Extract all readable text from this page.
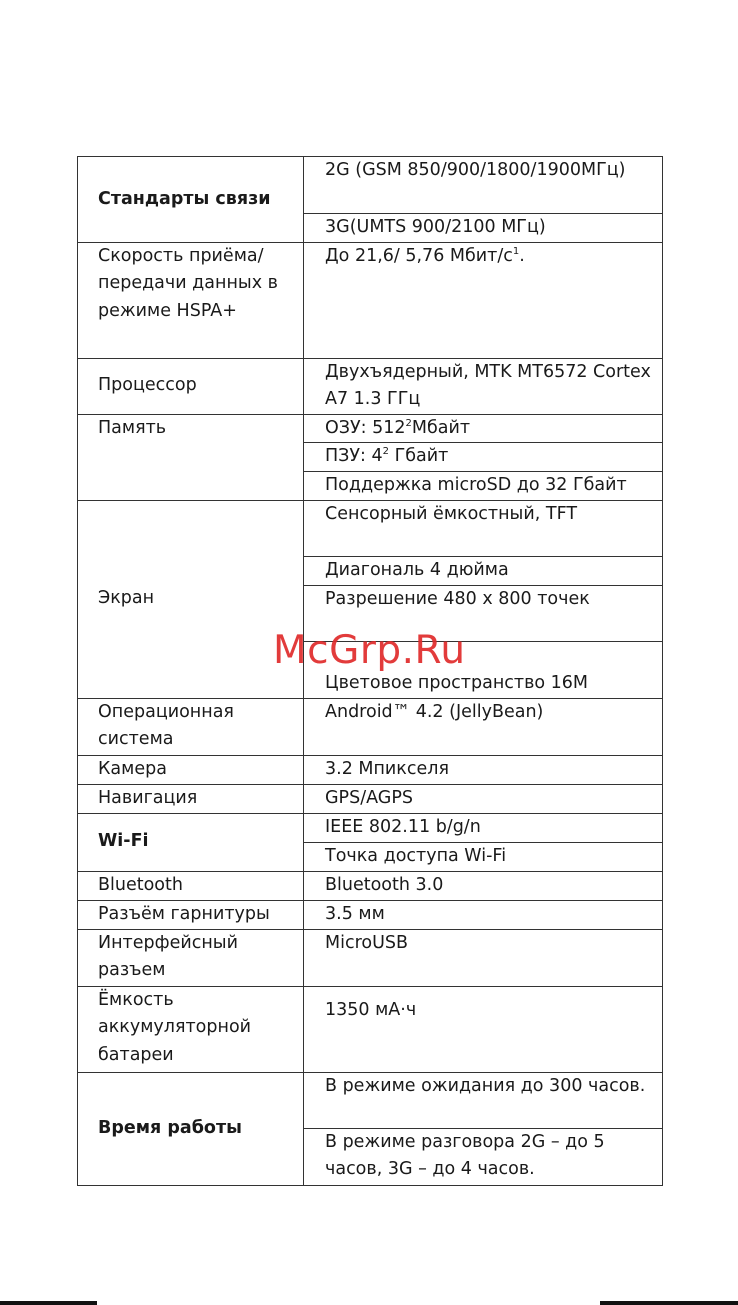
Стандарты связи	2G (GSM 850/900/1800/1900МГц)
	3G(UMTS 900/2100 МГц)
Скорость приёма/передачи данных в режиме HSPA+	До 21,6/ 5,76 Мбит/$с^1$.
Процессор	Двухъядерный, MTK MT6572 Cortex A7 1.3 ГГц
Память	ОЗУ: $512^2Мбайт$
	ПЗУ: $4^2$ Гбайт
	Поддержка microSD до 32 Гбайт
Экран	Сенсорный ёмкостный, TFT
	Диагональ 4 дюйма
	Разрешение 480 x 800 точек
	Цветовое пространство 16М
Операционная система	Android™ 4.2 (JellyBean)
Камера	3.2 Мпикселя
Навигация	GPS/AGPS
Wi-Fi	IEEE 802.11 b/g/n
	Точка доступа Wi-Fi
Bluetooth	Bluetooth 3.0
Разъём гарнитуры	3.5 мм
Интерфейсный разъем	MicroUSB
Ёмкость аккумуляторной батареи	1350 мА·ч
Время работы	В режиме ожидания до 300 часов.
	В режиме разговора 2G – до 5 часов, 3G – до 4 часов.
McGrp.Ru
